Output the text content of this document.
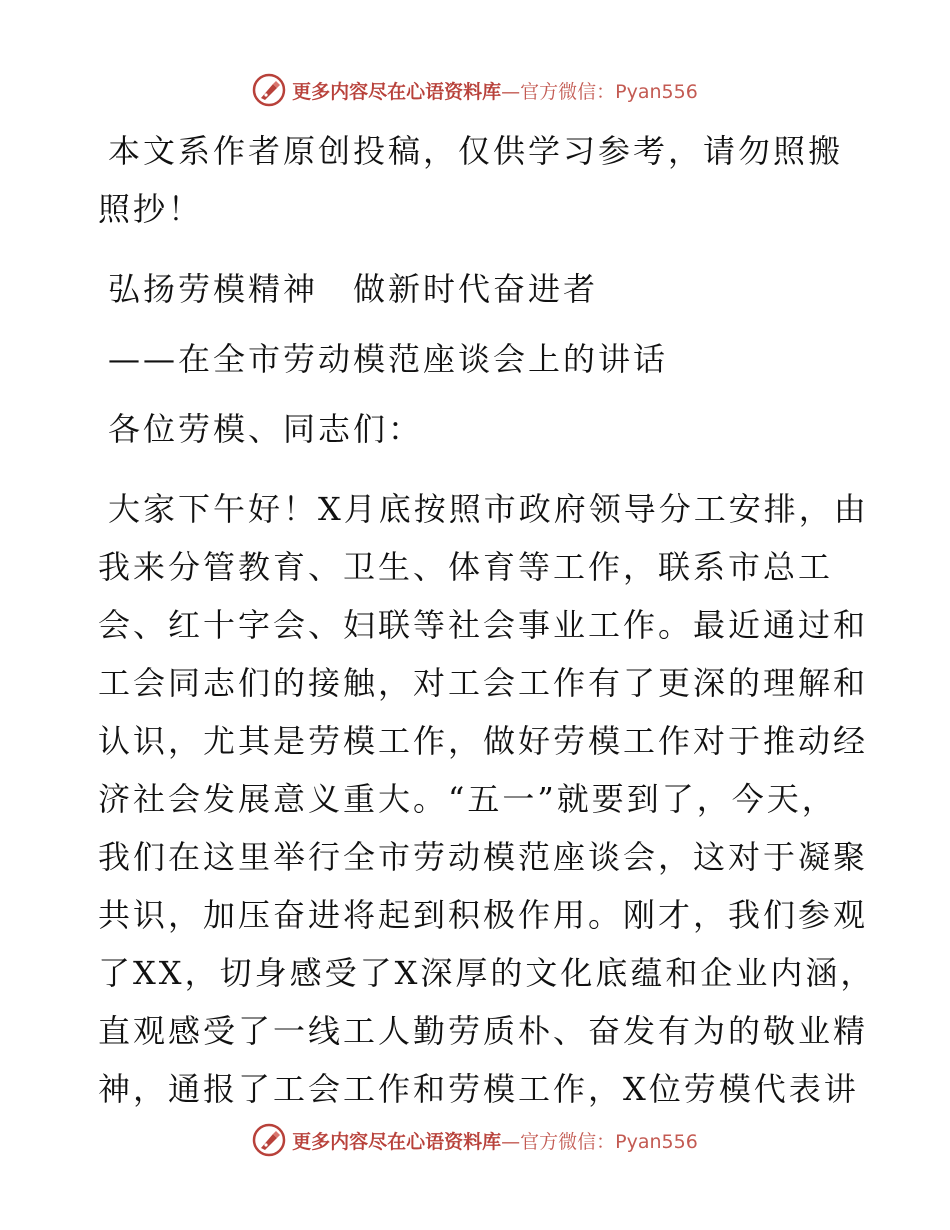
更多内容尽在心语资料库—官方微信：Pyan556
本文系作者原创投稿，仅供学习参考，请勿照搬
照抄！
弘扬劳模精神　做新时代奋进者
——在全市劳动模范座谈会上的讲话
各位劳模、同志们：
大家下午好！X月底按照市政府领导分工安排，由
我来分管教育、卫生、体育等工作，联系市总工
会、红十字会、妇联等社会事业工作。最近通过和
工会同志们的接触，对工会工作有了更深的理解和
认识，尤其是劳模工作，做好劳模工作对于推动经
济社会发展意义重大。“五一”就要到了，今天，
我们在这里举行全市劳动模范座谈会，这对于凝聚
共识，加压奋进将起到积极作用。刚才，我们参观
了XX，切身感受了X深厚的文化底蕴和企业内涵，
直观感受了一线工人勤劳质朴、奋发有为的敬业精
神，通报了工会工作和劳模工作，X位劳模代表讲
更多内容尽在心语资料库—官方微信：Pyan556
